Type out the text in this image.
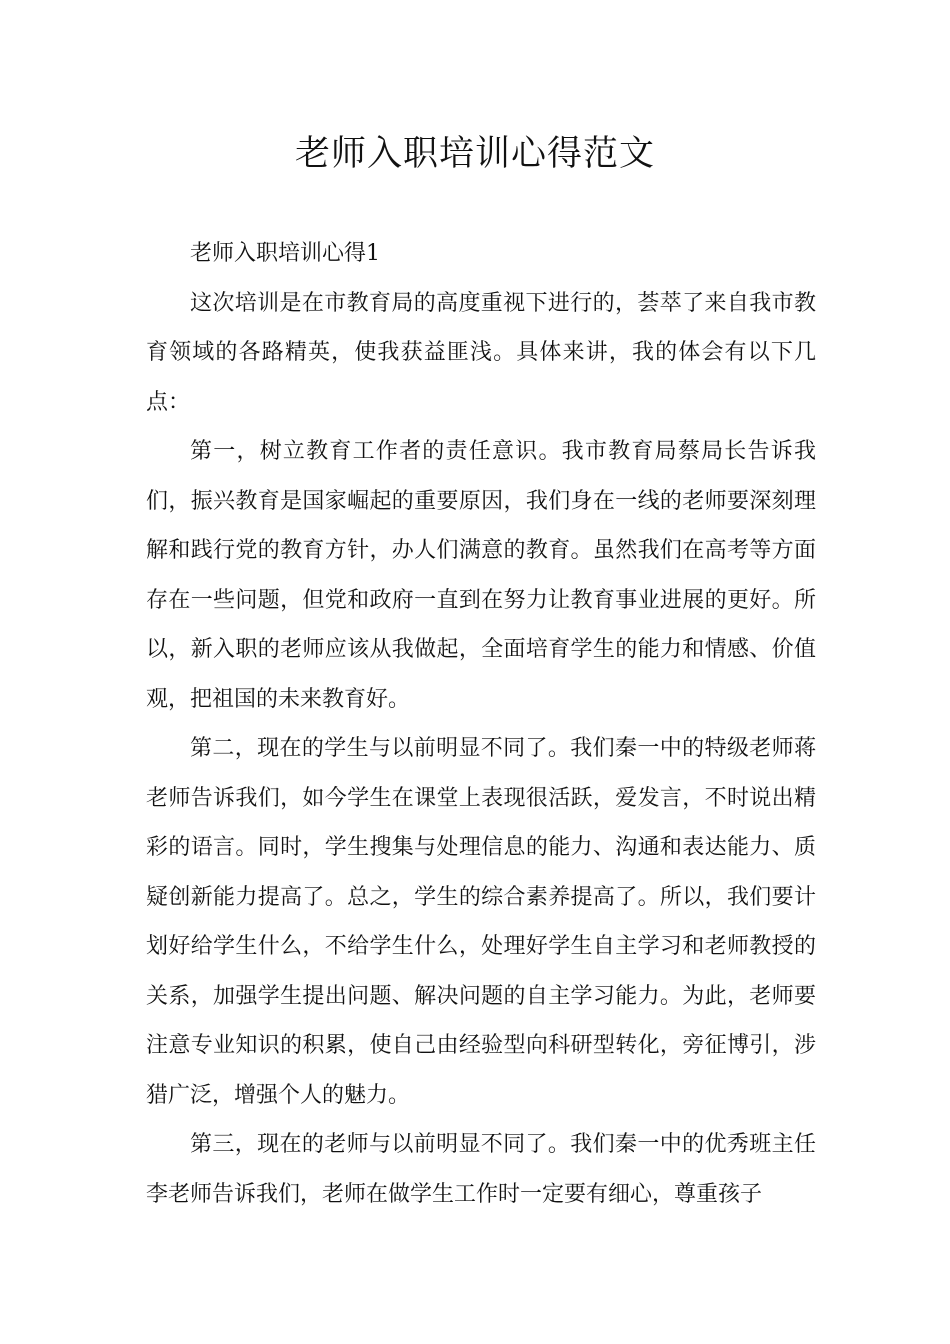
老师入职培训心得范文

老师入职培训心得1

这次培训是在市教育局的高度重视下进行的，荟萃了来自我市教育领域的各路精英，使我获益匪浅。具体来讲，我的体会有以下几点：

第一，树立教育工作者的责任意识。我市教育局蔡局长告诉我们，振兴教育是国家崛起的重要原因，我们身在一线的老师要深刻理解和践行党的教育方针，办人们满意的教育。虽然我们在高考等方面存在一些问题，但党和政府一直到在努力让教育事业进展的更好。所以，新入职的老师应该从我做起，全面培育学生的能力和情感、价值观，把祖国的未来教育好。

第二，现在的学生与以前明显不同了。我们秦一中的特级老师蒋老师告诉我们，如今学生在课堂上表现很活跃，爱发言，不时说出精彩的语言。同时，学生搜集与处理信息的能力、沟通和表达能力、质疑创新能力提高了。总之，学生的综合素养提高了。所以，我们要计划好给学生什么，不给学生什么，处理好学生自主学习和老师教授的关系，加强学生提出问题、解决问题的自主学习能力。为此，老师要注意专业知识的积累，使自己由经验型向科研型转化，旁征博引，涉猎广泛，增强个人的魅力。

第三，现在的老师与以前明显不同了。我们秦一中的优秀班主任李老师告诉我们，老师在做学生工作时一定要有细心，尊重孩子
